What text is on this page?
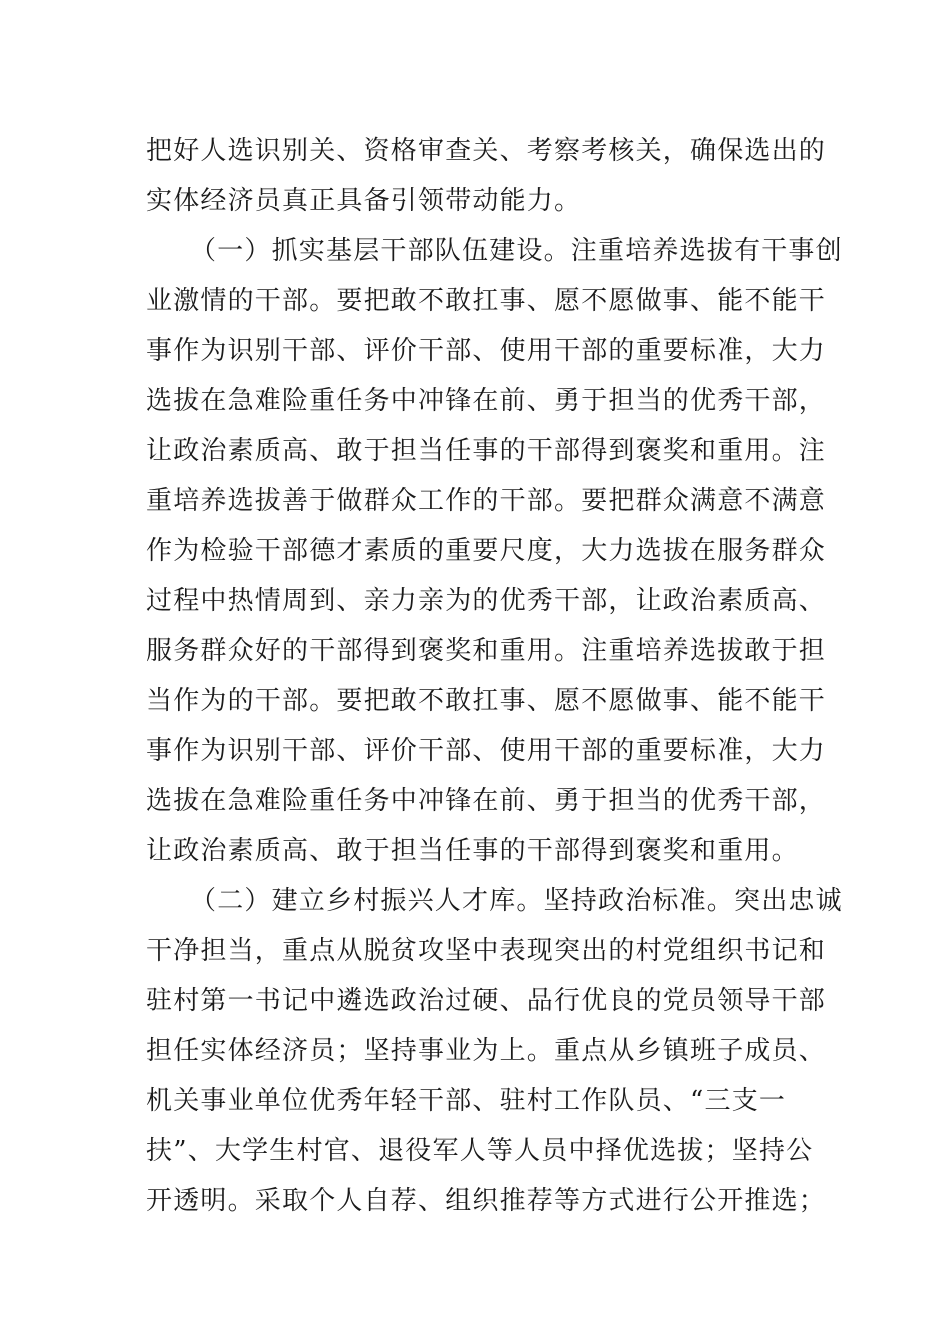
把好人选识别关、资格审查关、考察考核关，确保选出的
实体经济员真正具备引领带动能力。
（一）抓实基层干部队伍建设。注重培养选拔有干事创
业激情的干部。要把敢不敢扛事、愿不愿做事、能不能干
事作为识别干部、评价干部、使用干部的重要标准，大力
选拔在急难险重任务中冲锋在前、勇于担当的优秀干部，
让政治素质高、敢于担当任事的干部得到褒奖和重用。注
重培养选拔善于做群众工作的干部。要把群众满意不满意
作为检验干部德才素质的重要尺度，大力选拔在服务群众
过程中热情周到、亲力亲为的优秀干部，让政治素质高、
服务群众好的干部得到褒奖和重用。注重培养选拔敢于担
当作为的干部。要把敢不敢扛事、愿不愿做事、能不能干
事作为识别干部、评价干部、使用干部的重要标准，大力
选拔在急难险重任务中冲锋在前、勇于担当的优秀干部，
让政治素质高、敢于担当任事的干部得到褒奖和重用。
（二）建立乡村振兴人才库。坚持政治标准。突出忠诚
干净担当，重点从脱贫攻坚中表现突出的村党组织书记和
驻村第一书记中遴选政治过硬、品行优良的党员领导干部
担任实体经济员；坚持事业为上。重点从乡镇班子成员、
机关事业单位优秀年轻干部、驻村工作队员、“三支一
扶”、大学生村官、退役军人等人员中择优选拔；坚持公
开透明。采取个人自荐、组织推荐等方式进行公开推选；
